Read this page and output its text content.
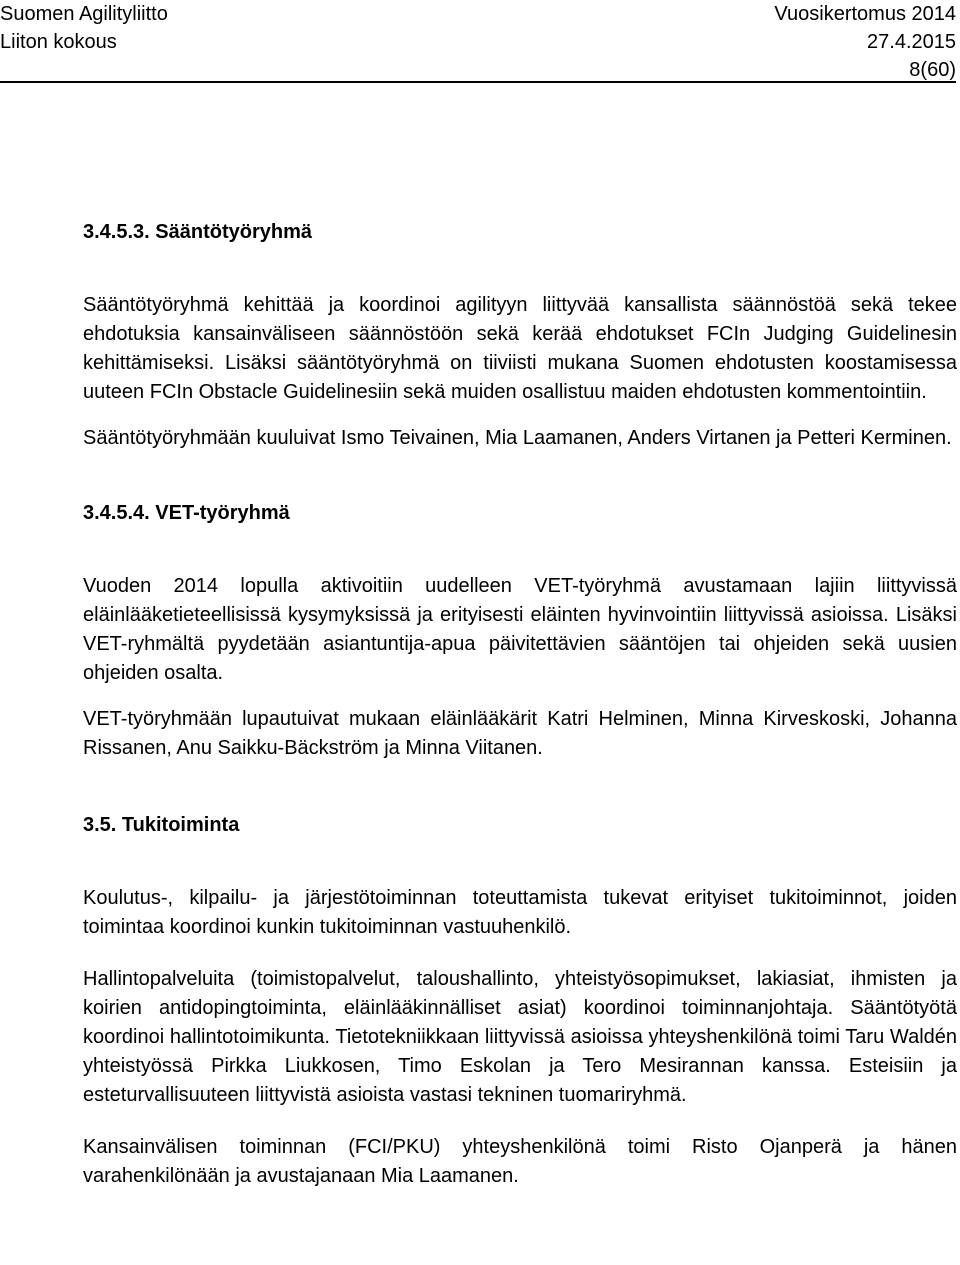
Suomen Agilityliitto	Vuosikertomus 2014
Liiton kokous	27.4.2015
8(60)
3.4.5.3. Sääntötyöryhmä

Sääntötyöryhmä kehittää ja koordinoi agilityyn liittyvää kansallista säännöstöä sekä tekee ehdotuksia kansainväliseen säännöstöön sekä kerää ehdotukset FCIn Judging Guidelinesin kehittämiseksi. Lisäksi sääntötyöryhmä on tiiviisti mukana Suomen ehdotusten koostamisessa uuteen FCIn Obstacle Guidelinesiin sekä muiden osallistuu maiden ehdotusten kommentointiin.

Sääntötyöryhmään kuuluivat Ismo Teivainen, Mia Laamanen, Anders Virtanen ja Petteri Kerminen.

3.4.5.4. VET-työryhmä

Vuoden 2014 lopulla aktivoitiin uudelleen VET-työryhmä avustamaan lajiin liittyvissä eläinlääketieteellisissä kysymyksissä ja erityisesti eläinten hyvinvointiin liittyvissä asioissa. Lisäksi VET-ryhmältä pyydetään asiantuntija-apua päivitettävien sääntöjen tai ohjeiden sekä uusien ohjeiden osalta.

VET-työryhmään lupautuivat mukaan eläinlääkärit Katri Helminen, Minna Kirveskoski, Johanna Rissanen, Anu Saikku-Bäckström ja Minna Viitanen.

3.5. Tukitoiminta

Koulutus-, kilpailu- ja järjestötoiminnan toteuttamista tukevat erityiset tukitoiminnot, joiden toimintaa koordinoi kunkin tukitoiminnan vastuuhenkilö.

Hallintopalveluita (toimistopalvelut, taloushallinto, yhteistyösopimukset, lakiasiat, ihmisten ja koirien antidopingtoiminta, eläinlääkinnälliset asiat) koordinoi toiminnanjohtaja. Sääntötyötä koordinoi hallintotoimikunta. Tietotekniikkaan liittyvissä asioissa yhteyshenkilönä toimi Taru Waldén yhteistyössä Pirkka Liukkosen, Timo Eskolan ja Tero Mesirannan kanssa. Esteisiin ja esteturvallisuuteen liittyvistä asioista vastasi tekninen tuomariryhmä.

Kansainvälisen toiminnan (FCI/PKU) yhteyshenkilönä toimi Risto Ojanperä ja hänen varahenkilönään ja avustajanaan Mia Laamanen.
